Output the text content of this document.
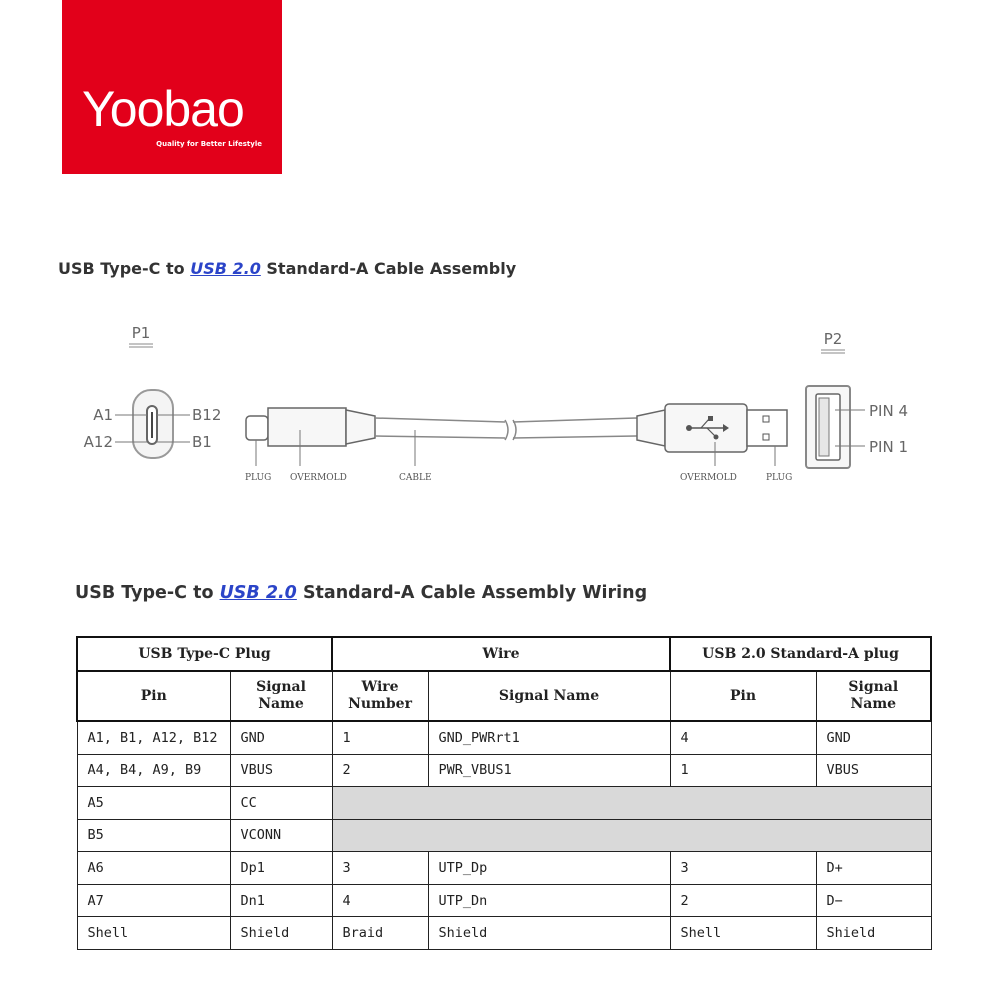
Yoobao

Quality for Better Lifestyle
USB Type-C to USB 2.0 Standard-A Cable Assembly
P1
A1
A12
B12
B1
PLUG OVERMOLD	CABLE	OVERMOLD	PLUG
P2
PIN 4
PIN 1
USB Type-C to USB 2.0 Standard-A Cable Assembly Wiring
USB Type-C Plug		Wire		USB 2.0 Standard-A plug	
Pin	Signal Name	Wire Number	Signal Name	Pin	Signal Name
A1, B1, A12, B12	GND	1	GND_PWRrt1	4	GND
A4, B4, A9, B9	VBUS	2	PWR_VBUS1	1	VBUS
A5	CC				
B5	VCONN				
A6	Dp1	3	UTP_Dp	3	D+
A7	Dn1	4	UTP_Dn	2	D−
Shell	Shield	Braid	Shield	Shell	Shield
